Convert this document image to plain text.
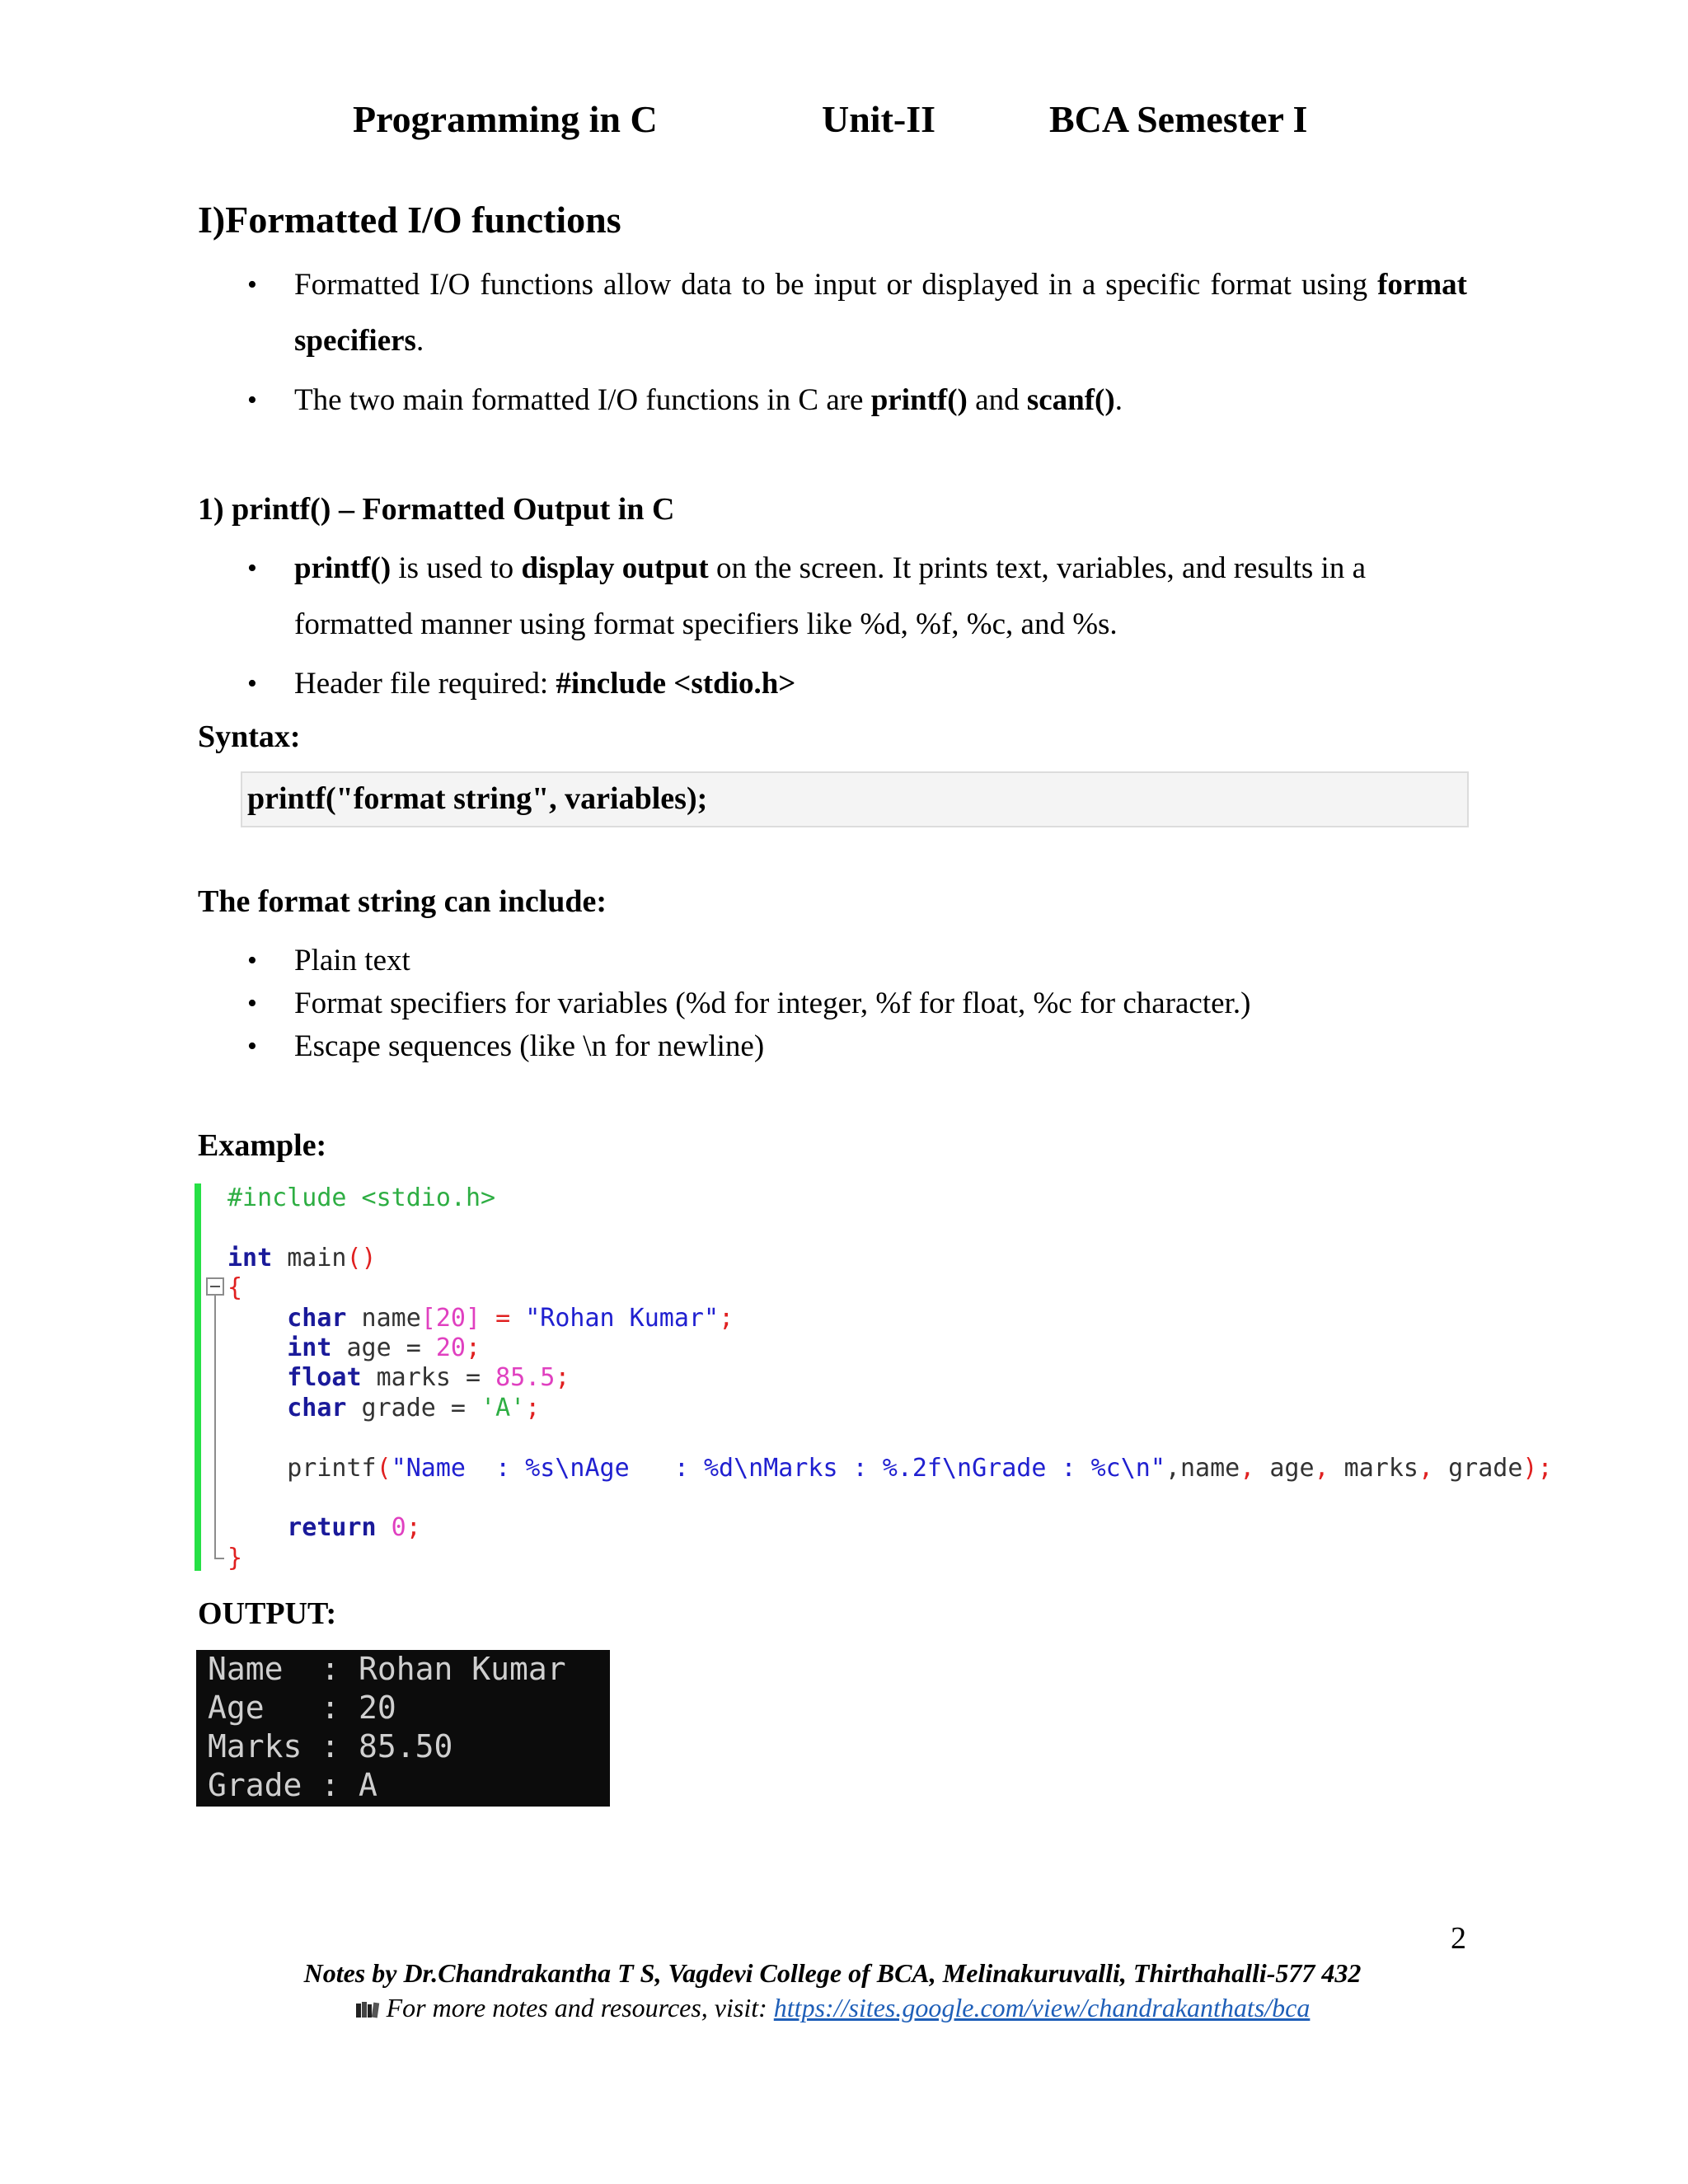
Programming in C	Unit-II	BCA Semester I
I)Formatted I/O functions
• Formatted I/O functions allow data to be input or displayed in a specific format using format specifiers.
• The two main formatted I/O functions in C are printf() and scanf().
1) printf() – Formatted Output in C
• printf() is used to display output on the screen. It prints text, variables, and results in a formatted manner using format specifiers like %d, %f, %c, and %s.
• Header file required: #include <stdio.h>
Syntax:
printf("format string", variables);
The format string can include:
• Plain text
• Format specifiers for variables (%d for integer, %f for float, %c for character.)
• Escape sequences (like \n for newline)
Example:
#include <stdio.h>

int main()
{
char name[20] = "Rohan Kumar";
int age = 20;
float marks = 85.5;
char grade = 'A';

printf("Name  : %s\nAge   : %d\nMarks : %.2f\nGrade : %c\n",name, age, marks, grade);

return 0;
}
OUTPUT:
Name  : Rohan Kumar
Age   : 20
Marks : 85.50
Grade : A
2
Notes by Dr.Chandrakantha T S, Vagdevi College of BCA, Melinakuruvalli, Thirthahalli-577 432
For more notes and resources, visit: https://sites.google.com/view/chandrakanthats/bca
